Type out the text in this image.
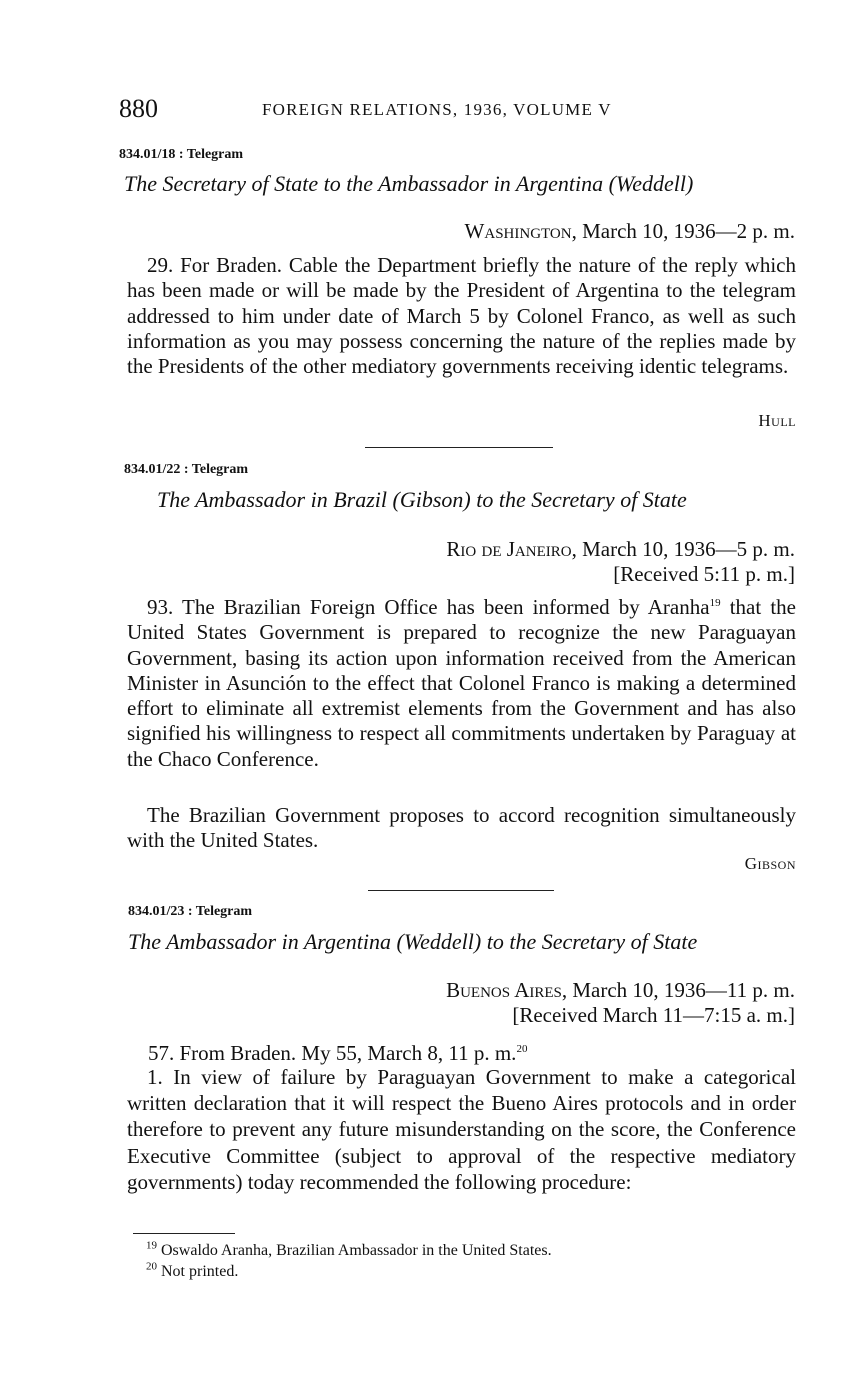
880	FOREIGN RELATIONS, 1936, VOLUME V
834.01/18 : Telegram
The Secretary of State to the Ambassador in Argentina (Weddell)
Washington, March 10, 1936—2 p. m.

29. For Braden. Cable the Department briefly the nature of the reply which has been made or will be made by the President of Argentina to the telegram addressed to him under date of March 5 by Colonel Franco, as well as such information as you may possess concerning the nature of the replies made by the Presidents of the other mediatory governments receiving identic telegrams.

Hull
834.01/22 : Telegram
The Ambassador in Brazil (Gibson) to the Secretary of State
Rio de Janeiro, March 10, 1936—5 p. m.
[Received 5:11 p. m.]

93. The Brazilian Foreign Office has been informed by Aranha$^{19}$ that the United States Government is prepared to recognize the new Paraguayan Government, basing its action upon information received from the American Minister in Asunción to the effect that Colonel Franco is making a determined effort to eliminate all extremist elements from the Government and has also signified his willingness to respect all commitments undertaken by Paraguay at the Chaco Conference.

The Brazilian Government proposes to accord recognition simultaneously with the United States.

Gibson
834.01/23 : Telegram
The Ambassador in Argentina (Weddell) to the Secretary of State
Buenos Aires, March 10, 1936—11 p. m.
[Received March 11—7:15 a. m.]
57. From Braden. My 55, March 8, 11 p. m.$^{20}$

1. In view of failure by Paraguayan Government to make a categorical written declaration that it will respect the Bueno Aires protocols and in order therefore to prevent any future misunderstanding on the score, the Conference Executive Committee (subject to approval of the respective mediatory governments) today recommended the following procedure:

$^{19}$ Oswaldo Aranha, Brazilian Ambassador in the United States.
$^{20}$ Not printed.
